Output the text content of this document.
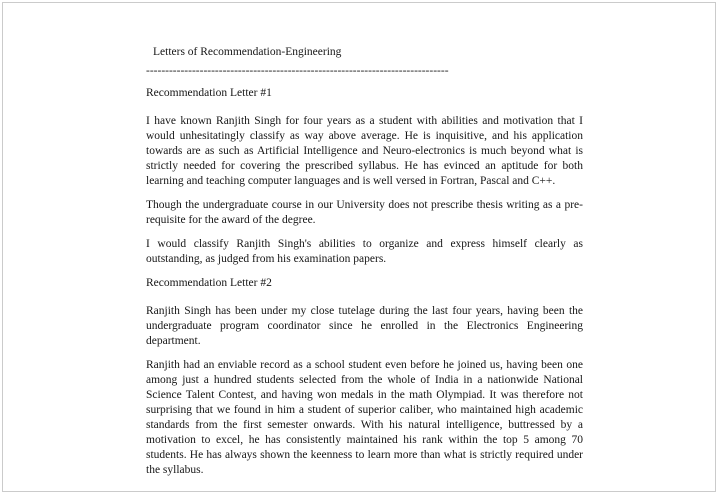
Letters of Recommendation-Engineering
-------------------------------------------------------------------------------
Recommendation Letter #1

I have known Ranjith Singh for four years as a student with abilities and motivation that I would unhesitatingly classify as way above average. He is inquisitive, and his application towards are as such as Artificial Intelligence and Neuro-electronics is much beyond what is strictly needed for covering the prescribed syllabus. He has evinced an aptitude for both learning and teaching computer languages and is well versed in Fortran, Pascal and C++.

Though the undergraduate course in our University does not prescribe thesis writing as a pre-requisite for the award of the degree.

I would classify Ranjith Singh's abilities to organize and express himself clearly as outstanding, as judged from his examination papers.

Recommendation Letter #2

Ranjith Singh has been under my close tutelage during the last four years, having been the undergraduate program coordinator since he enrolled in the Electronics Engineering department.

Ranjith had an enviable record as a school student even before he joined us, having been one among just a hundred students selected from the whole of India in a nationwide National Science Talent Contest, and having won medals in the math Olympiad. It was therefore not surprising that we found in him a student of superior caliber, who maintained high academic standards from the first semester onwards. With his natural intelligence, buttressed by a motivation to excel, he has consistently maintained his rank within the top 5 among 70 students. He has always shown the keenness to learn more than what is strictly required under the syllabus.
